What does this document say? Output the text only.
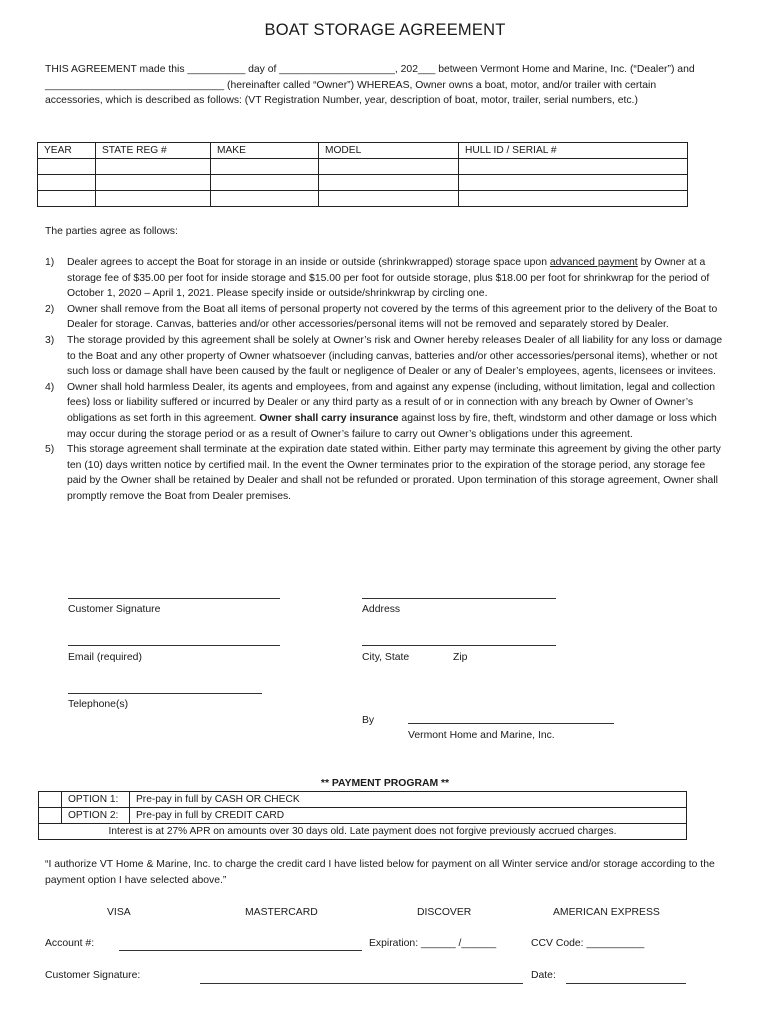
BOAT STORAGE AGREEMENT

THIS AGREEMENT made this __________ day of ____________________, 202___ between Vermont Home and Marine, Inc. (“Dealer”) and _______________________________ (hereinafter called “Owner”) WHEREAS, Owner owns a boat, motor, and/or trailer with certain accessories, which is described as follows: (VT Registration Number, year, description of boat, motor, trailer, serial numbers, etc.)

YEAR	STATE REG #	MAKE	MODEL	HULL ID / SERIAL #

The parties agree as follows:
1) Dealer agrees to accept the Boat for storage in an inside or outside (shrinkwrapped) storage space upon advanced payment by Owner at a storage fee of $35.00 per foot for inside storage and $15.00 per foot for outside storage, plus $18.00 per foot for shrinkwrap for the period of October 1, 2020 – April 1, 2021. Please specify inside or outside/shrinkwrap by circling one.
2) Owner shall remove from the Boat all items of personal property not covered by the terms of this agreement prior to the delivery of the Boat to Dealer for storage. Canvas, batteries and/or other accessories/personal items will not be removed and separately stored by Dealer.
3) The storage provided by this agreement shall be solely at Owner’s risk and Owner hereby releases Dealer of all liability for any loss or damage to the Boat and any other property of Owner whatsoever (including canvas, batteries and/or other accessories/personal items), whether or not such loss or damage shall have been caused by the fault or negligence of Dealer or any of Dealer’s employees, agents, licensees or invitees.
4) Owner shall hold harmless Dealer, its agents and employees, from and against any expense (including, without limitation, legal and collection fees) loss or liability suffered or incurred by Dealer or any third party as a result of or in connection with any breach by Owner of Owner’s obligations as set forth in this agreement. Owner shall carry insurance against loss by fire, theft, windstorm and other damage or loss which may occur during the storage period or as a result of Owner’s failure to carry out Owner’s obligations under this agreement.
5) This storage agreement shall terminate at the expiration date stated within. Either party may terminate this agreement by giving the other party ten (10) days written notice by certified mail. In the event the Owner terminates prior to the expiration of the storage period, any storage fee paid by the Owner shall be retained by Dealer and shall not be refunded or prorated. Upon termination of this storage agreement, Owner shall promptly remove the Boat from Dealer premises.
Customer Signature	Address
Email (required)	City, State	Zip
Telephone(s)
By
Vermont Home and Marine, Inc.
** PAYMENT PROGRAM **
	OPTION 1:	Pre-pay in full by CASH OR CHECK
	OPTION 2:	Pre-pay in full by CREDIT CARD
Interest is at 27% APR on amounts over 30 days old. Late payment does not forgive previously accrued charges.		
“I authorize VT Home & Marine, Inc. to charge the credit card I have listed below for payment on all Winter service and/or storage according to the payment option I have selected above.”
VISA	MASTERCARD	DISCOVER	AMERICAN EXPRESS
Account #:	Expiration: ______ /______	CCV Code: __________
Customer Signature:	Date:
